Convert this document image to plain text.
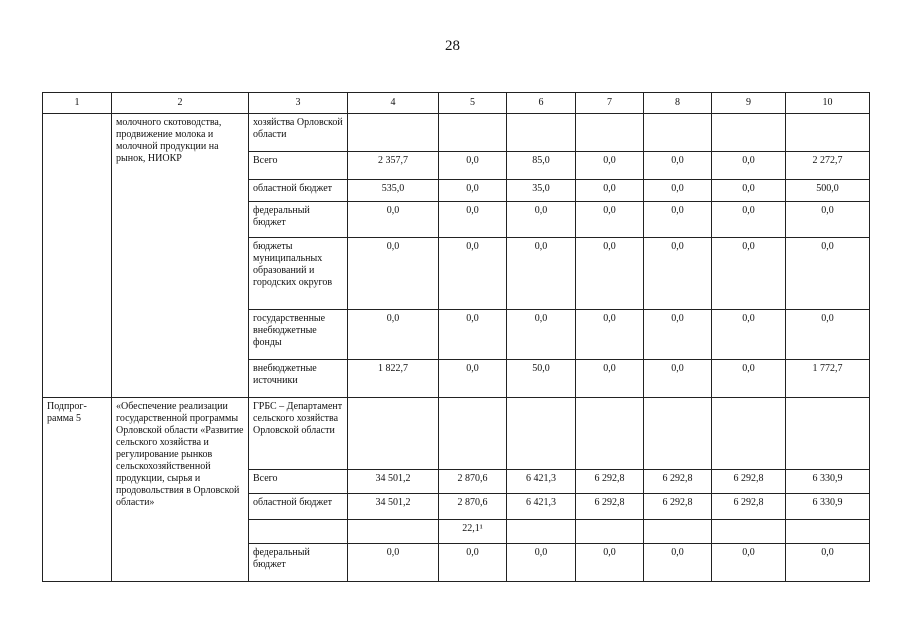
28
1	2	3	4	5	6	7	8	9	10
	молочного скотоводства, продвижение молока и молочной продукции на рынок, НИОКР	хозяйства Орловской области							
		Всего	2 357,7	0,0	85,0	0,0	0,0	0,0	2 272,7
		областной бюджет	535,0	0,0	35,0	0,0	0,0	0,0	500,0
		федеральный бюджет	0,0	0,0	0,0	0,0	0,0	0,0	0,0
		бюджеты муниципальных образований и городских округов	0,0	0,0	0,0	0,0	0,0	0,0	0,0
		государственные внебюджетные фонды	0,0	0,0	0,0	0,0	0,0	0,0	0,0
		внебюджетные источники	1 822,7	0,0	50,0	0,0	0,0	0,0	1 772,7
Подпрог-рамма 5	«Обеспечение реализации государственной программы Орловской области «Развитие сельского хозяйства и регулирование рынков сельскохозяйственной продукции, сырья и продовольствия в Орловской области»	ГРБС – Департамент сельского хозяйства Орловской области							
		Всего	34 501,2	2 870,6	6 421,3	6 292,8	6 292,8	6 292,8	6 330,9
		областной бюджет	34 501,2	2 870,6	6 421,3	6 292,8	6 292,8	6 292,8	6 330,9
				22,1¹					
		федеральный бюджет	0,0	0,0	0,0	0,0	0,0	0,0	0,0
